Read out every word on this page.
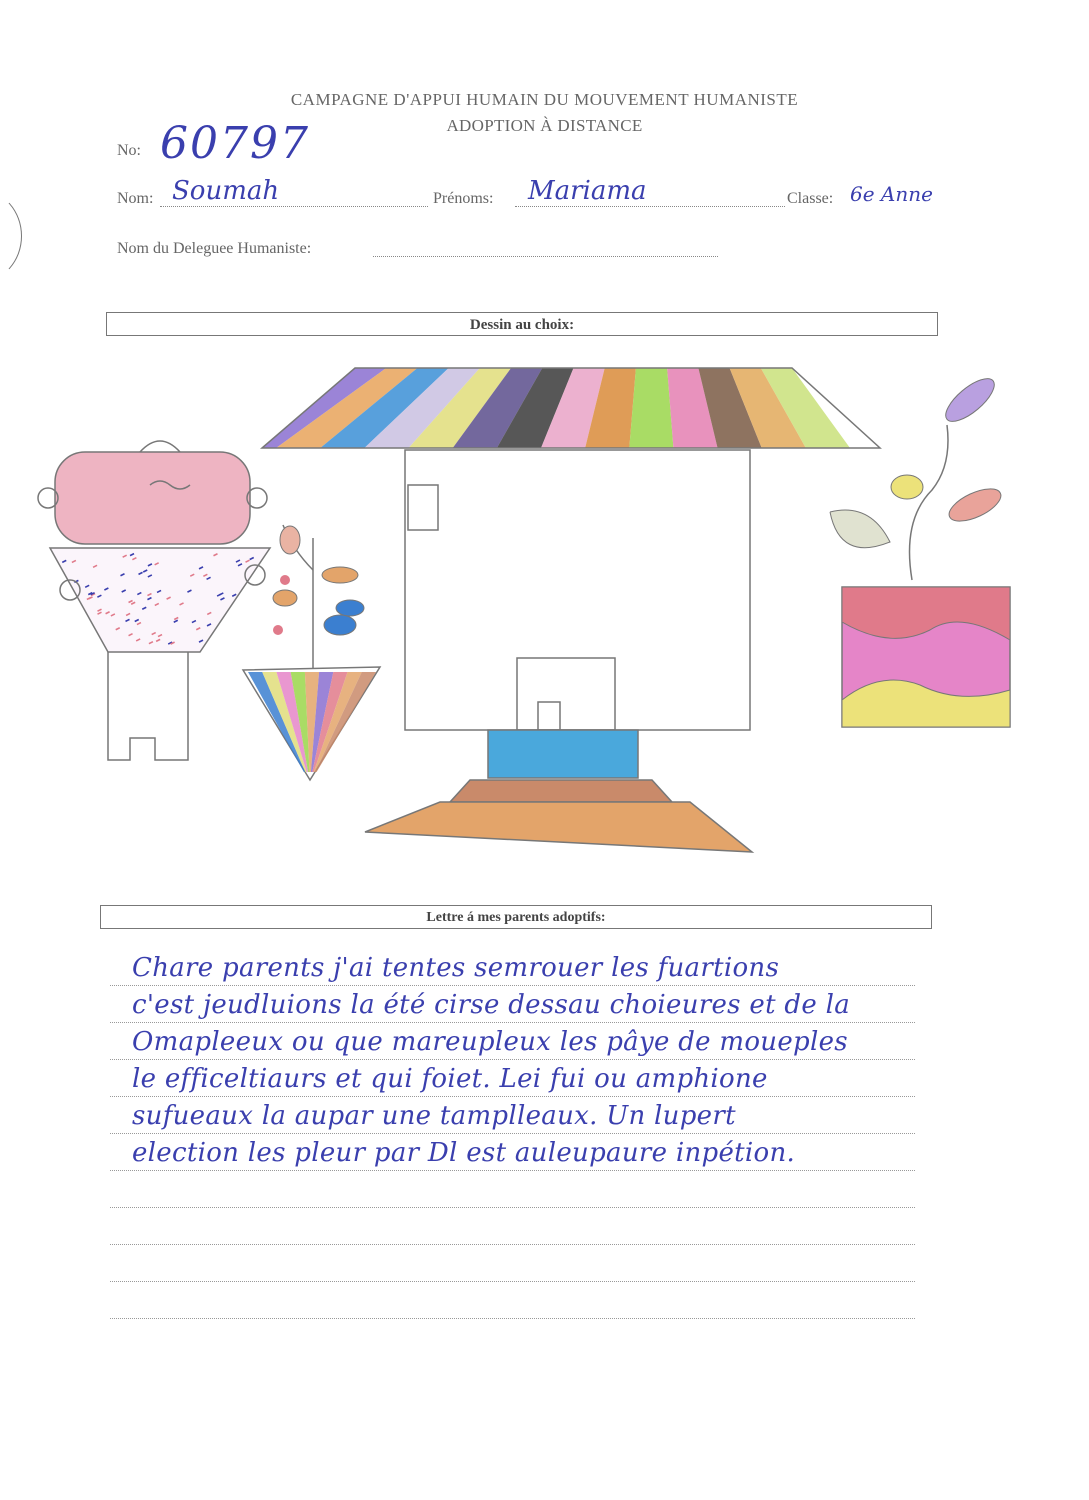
CAMPAGNE D'APPUI HUMAIN DU MOUVEMENT HUMANISTE
ADOPTION À DISTANCE
No: 60797
Nom: Soumah	Prénoms: Mariama	Classe: 6e Anne
Nom du Deleguee Humaniste:
Dessin au choix:
Lettre á mes parents adoptifs:
Chare parents j'ai tentes semrouer les fuartions
c'est jeudluions la été cirse dessau choieures et de la
Omapleeux ou que mareupleux les pâye de moueples
le efficeltiaurs et qui foiet. Lei fui ou amphione
sufueaux la aupar une tamplleaux. Un lupert
election les pleur par Dl est auleupaure inpétion.
